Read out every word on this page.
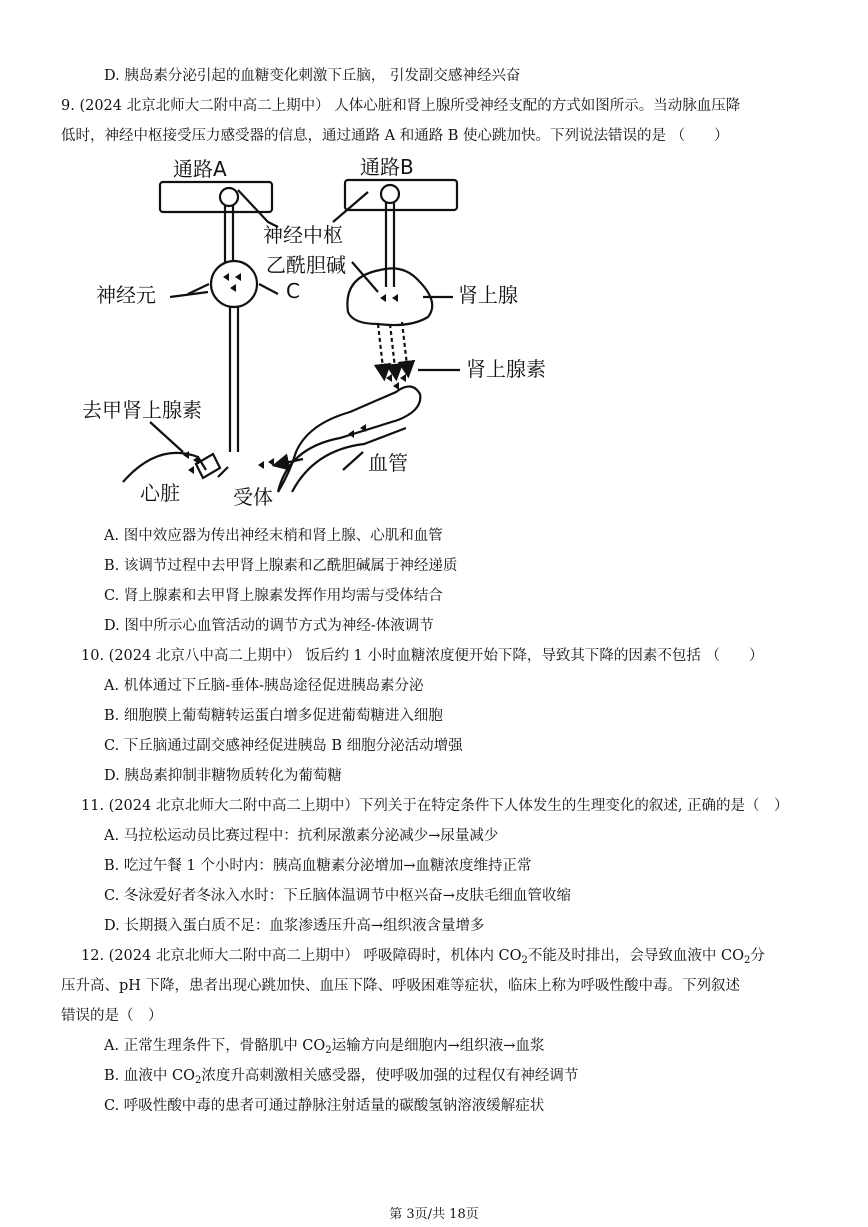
D. 胰岛素分泌引起的血糖变化刺激下丘脑， 引发副交感神经兴奋
9. (2024 北京北师大二附中高二上期中） 人体心脏和肾上腺所受神经支配的方式如图所示。当动脉血压降
低时，神经中枢接受压力感受器的信息，通过通路 A 和通路 B 使心跳加快。下列说法错误的是 （　　）
通路A	通路B
神经中枢
乙酰胆碱
神经元	C	肾上腺
肾上腺素
去甲肾上腺素
血管
心脏	受体
A. 图中效应器为传出神经末梢和肾上腺、心肌和血管
B. 该调节过程中去甲肾上腺素和乙酰胆碱属于神经递质
C. 肾上腺素和去甲肾上腺素发挥作用均需与受体结合
D. 图中所示心血管活动的调节方式为神经-体液调节
10. (2024 北京八中高二上期中） 饭后约 1 小时血糖浓度便开始下降，导致其下降的因素不包括 （　　）
A. 机体通过下丘脑-垂体-胰岛途径促进胰岛素分泌
B. 细胞膜上葡萄糖转运蛋白增多促进葡萄糖进入细胞
C. 下丘脑通过副交感神经促进胰岛 B 细胞分泌活动增强
D. 胰岛素抑制非糖物质转化为葡萄糖
11. (2024 北京北师大二附中高二上期中）下列关于在特定条件下人体发生的生理变化的叙述, 正确的是（　）
A. 马拉松运动员比赛过程中：抗利尿激素分泌减少→尿量减少
B. 吃过午餐 1 个小时内：胰高血糖素分泌增加→血糖浓度维持正常
C. 冬泳爱好者冬泳入水时：下丘脑体温调节中枢兴奋→皮肤毛细血管收缩
D. 长期摄入蛋白质不足：血浆渗透压升高→组织液含量增多
12. (2024 北京北师大二附中高二上期中） 呼吸障碍时，机体内 $CO_2$不能及时排出，会导致血液中 $CO_2$分
压升高、pH 下降，患者出现心跳加快、血压下降、呼吸困难等症状，临床上称为呼吸性酸中毒。下列叙述
错误的是（　）
A. 正常生理条件下，骨骼肌中 $CO_2$运输方向是细胞内→组织液→血浆
B. 血液中 $CO_2$浓度升高刺激相关感受器，使呼吸加强的过程仅有神经调节
C. 呼吸性酸中毒的患者可通过静脉注射适量的碳酸氢钠溶液缓解症状
第 3页/共 18页
